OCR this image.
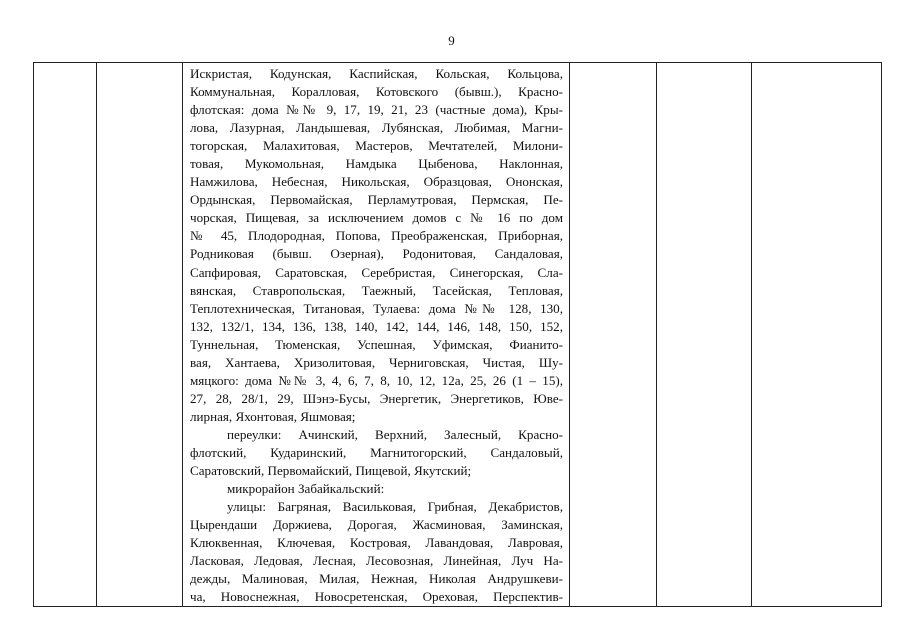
9

Искристая, Кодунская, Каспийская, Кольская, Кольцова,
Коммунальная, Коралловая, Котовского (бывш.), Красно-
флотская: дома №№ 9, 17, 19, 21, 23 (частные дома), Кры-
лова, Лазурная, Ландышевая, Лубянская, Любимая, Магни-
тогорская, Малахитовая, Мастеров, Мечтателей, Милони-
товая, Мукомольная, Намдыка Цыбенова, Наклонная,
Намжилова, Небесная, Никольская, Образцовая, Ононская,
Ордынская, Первомайская, Перламутровая, Пермская, Пе-
чорская, Пищевая, за исключением домов с № 16 по дом
№ 45, Плодородная, Попова, Преображенская, Приборная,
Родниковая (бывш. Озерная), Родонитовая, Сандаловая,
Сапфировая, Саратовская, Серебристая, Синегорская, Сла-
вянская, Ставропольская, Таежный, Тасейская, Тепловая,
Теплотехническая, Титановая, Тулаева: дома №№ 128, 130,
132, 132/1, 134, 136, 138, 140, 142, 144, 146, 148, 150, 152,
Туннельная, Тюменская, Успешная, Уфимская, Фианито-
вая, Хантаева, Хризолитовая, Черниговская, Чистая, Шу-
мяцкого: дома №№ 3, 4, 6, 7, 8, 10, 12, 12а, 25, 26 (1 – 15),
27, 28, 28/1, 29, Шэнэ-Бусы, Энергетик, Энергетиков, Юве-
лирная, Яхонтовая, Яшмовая;
переулки: Ачинский, Верхний, Залесный, Красно-
флотский, Кударинский, Магнитогорский, Сандаловый,
Саратовский, Первомайский, Пищевой, Якутский;
микрорайон Забайкальский:
улицы: Багряная, Васильковая, Грибная, Декабристов,
Цырендаши Доржиева, Дорогая, Жасминовая, Заминская,
Клюквенная, Ключевая, Костровая, Лавандовая, Лавровая,
Ласковая, Ледовая, Лесная, Лесовозная, Линейная, Луч На-
дежды, Малиновая, Милая, Нежная, Николая Андрушкеви-
ча, Новоснежная, Новосретенская, Ореховая, Перспектив-
